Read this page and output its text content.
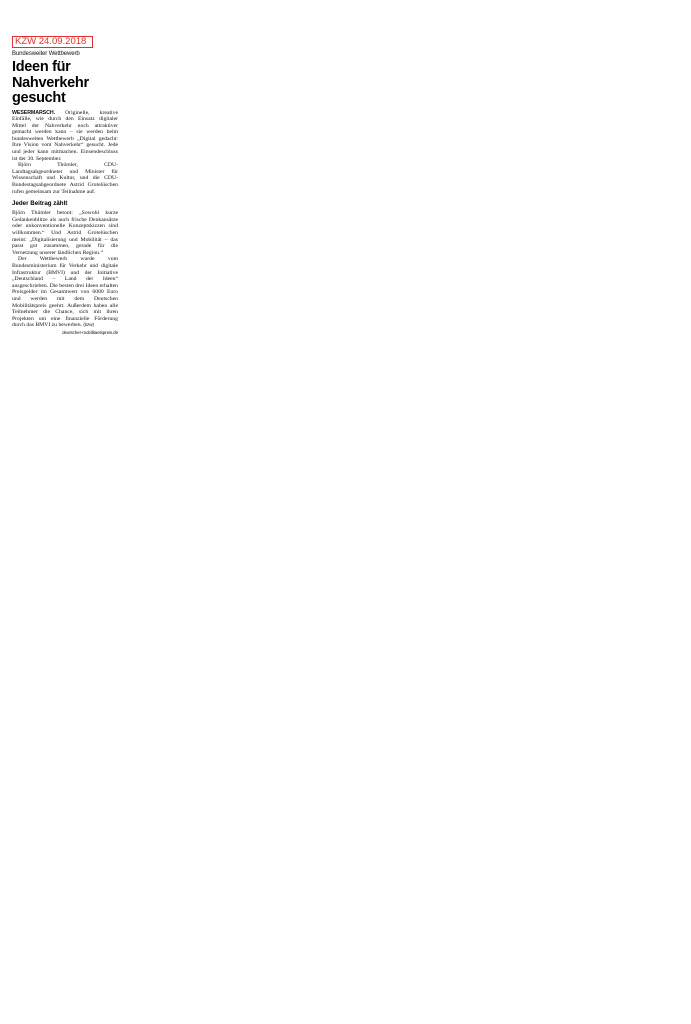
KZW 24.09.2018
Bundesweiter Wettbewerb
Ideen für Nahverkehr gesucht

WESERMARSCH. Originelle, kreative Einfälle, wie durch den Einsatz digitaler Mittel der Nahverkehr noch attraktiver gemacht werden kann – sie werden beim bundesweiten Wettbewerb „Digital gedacht: Ihre Vision vom Nahverkehr“ gesucht. Jede und jeder kann mitmachen. Einsendeschluss ist der 30. September.

Björn Thümler, CDU-Landtagsabgeordneter und Minister für Wissenschaft und Kultur, und die CDU-Bundestagsabgeordnete Astrid Grotelüschen rufen gemeinsam zur Teilnahme auf.

Jeder Beitrag zählt

Björn Thümler betont: „Sowohl kurze Gedankenblitze als auch frische Denkansätze oder unkonventionelle Konzeptskizzen sind willkommen.“ Und Astrid Grotelüschen meint: „Digitalisierung und Mobilität – das passt gut zusammen, gerade für die Vernetzung unserer ländlichen Region.“

Der Wettbewerb wurde vom Bundesministerium für Verkehr und digitale Infrastruktur (BMVI) und der Initiative „Deutschland – Land der Ideen“ ausgeschrieben. Die besten drei Ideen erhalten Preisgelder im Gesamtwert von 6000 Euro und werden mit dem Deutschen Mobilitätspreis geehrt. Außerdem haben alle Teilnehmer die Chance, sich mit ihren Projekten um eine finanzielle Förderung durch das BMVI zu bewerben. (kzw)
deutscher-mobilitaetspreis.de
